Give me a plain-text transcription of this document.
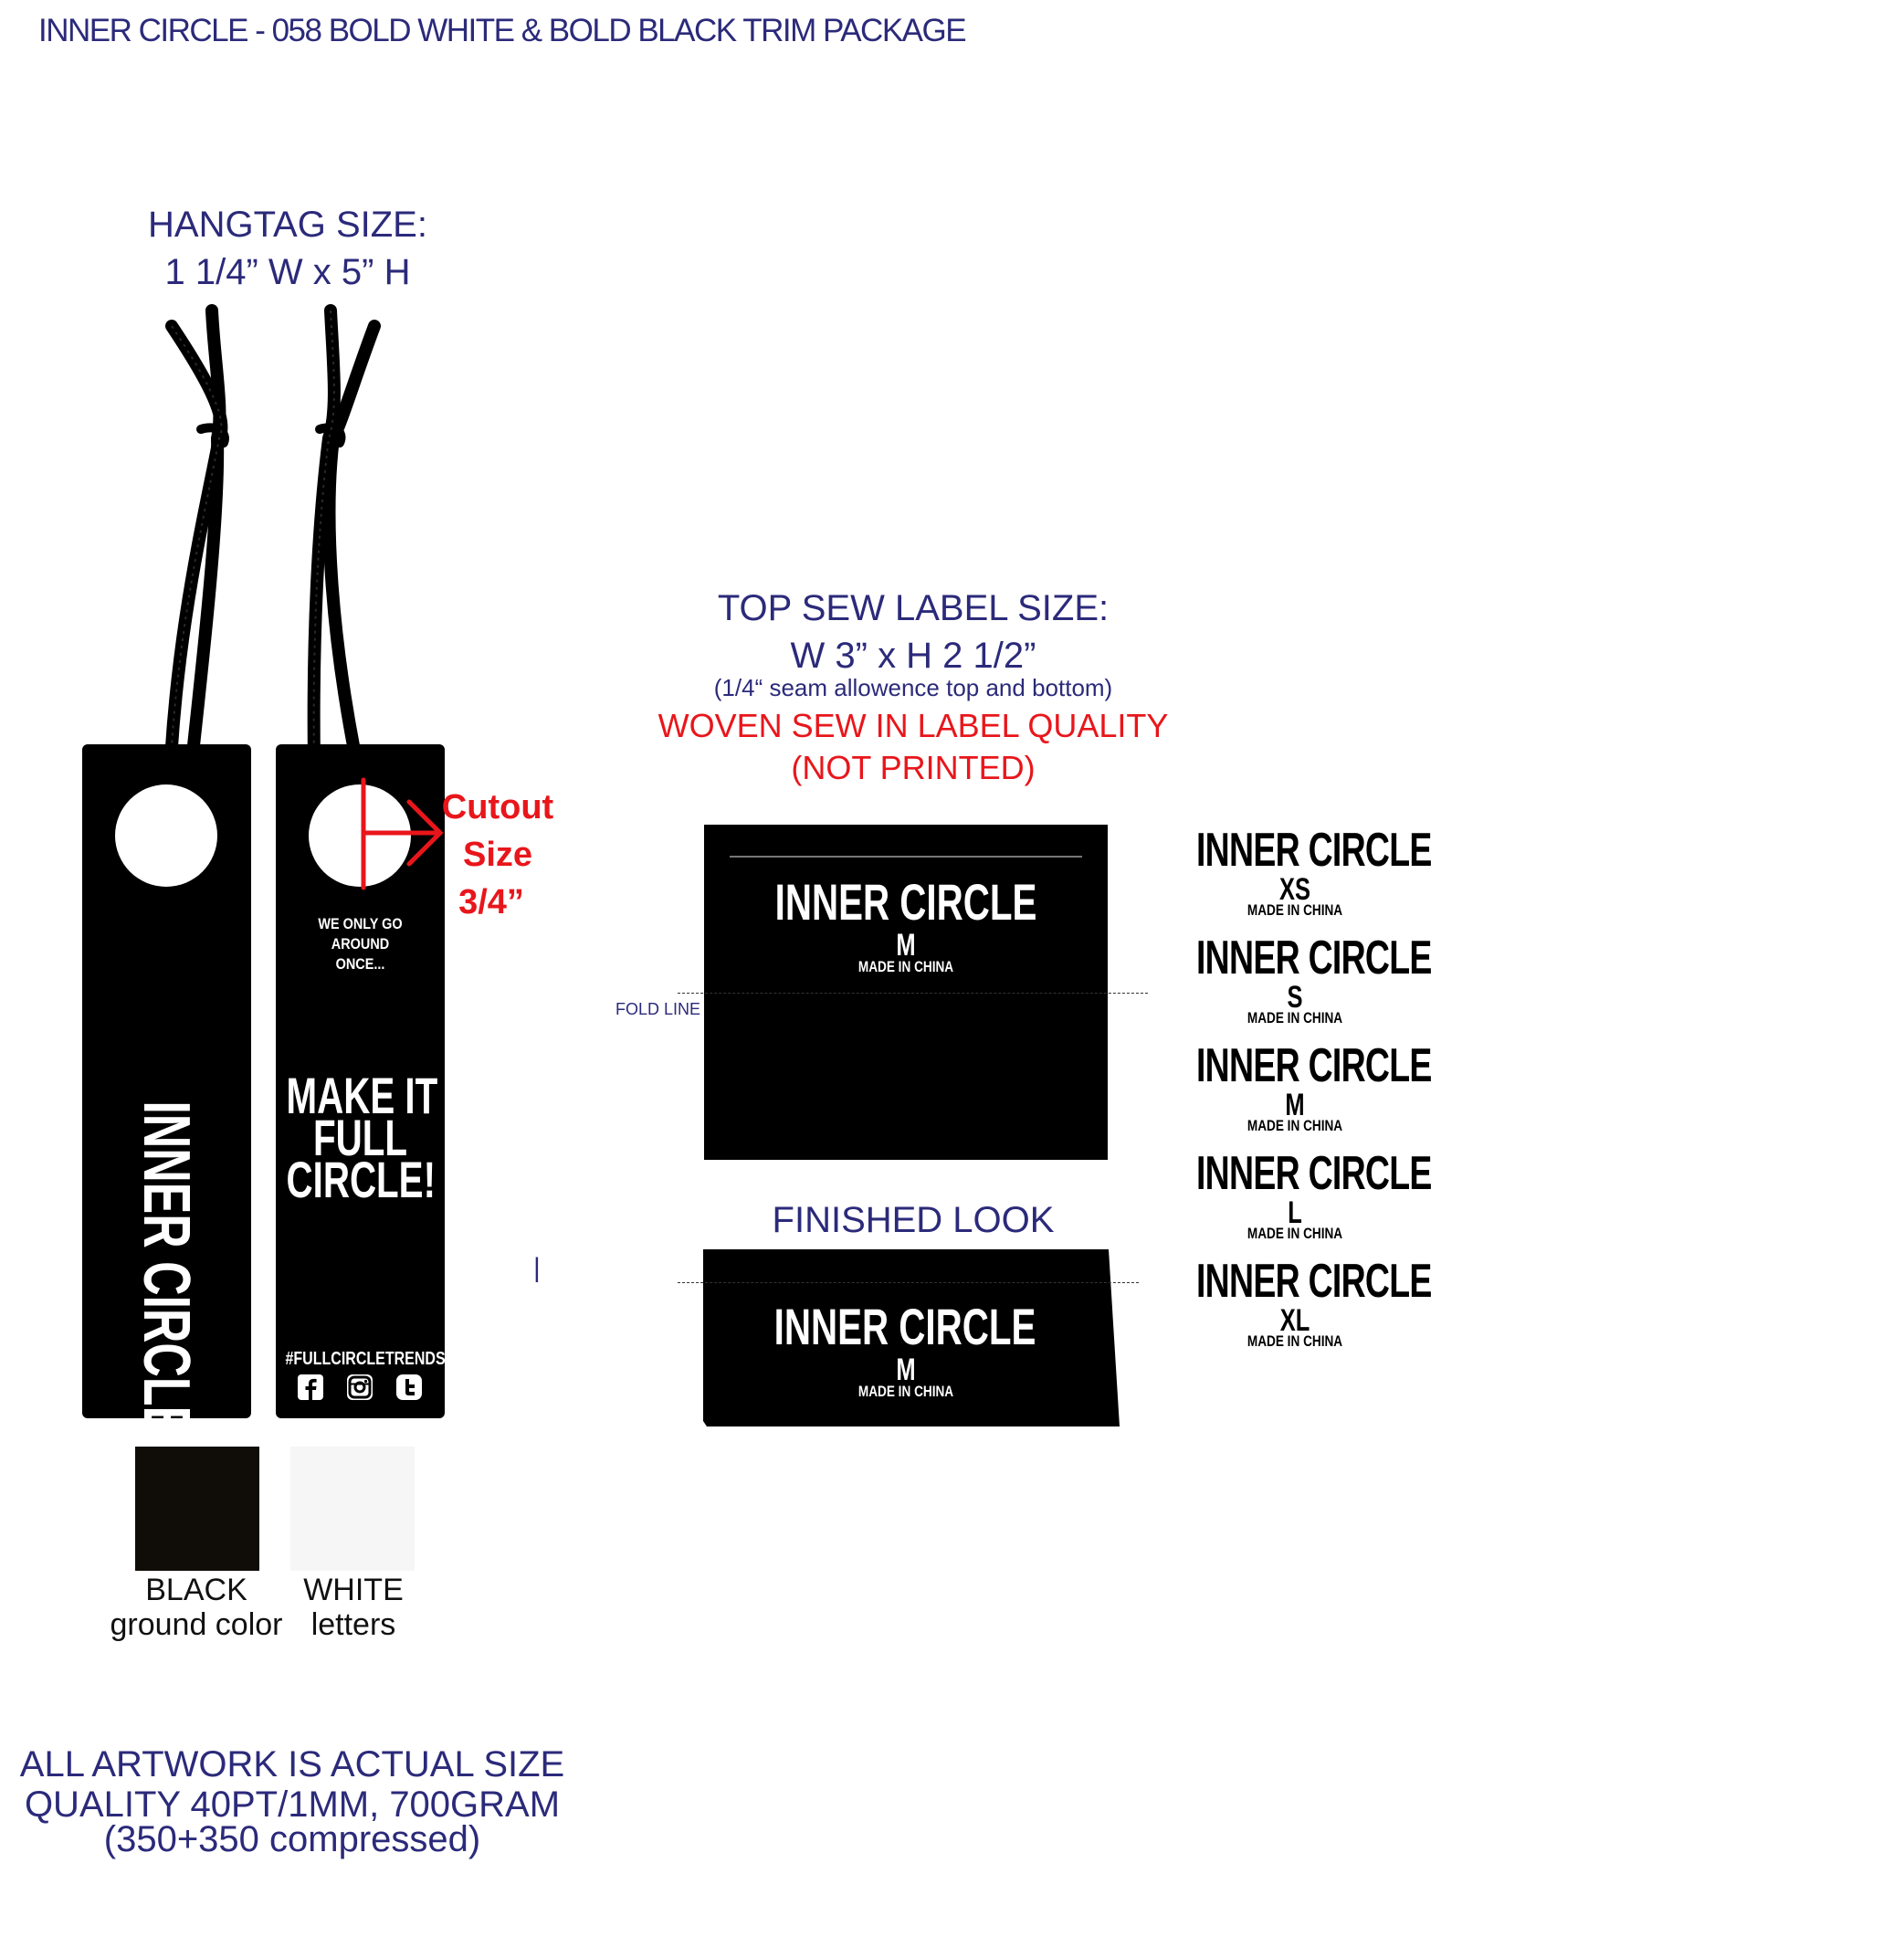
INNER CIRCLE - 058 BOLD WHITE & BOLD BLACK TRIM PACKAGE
HANGTAG SIZE:
1 1/4” W x 5” H
INNER CIRCLE
WE ONLY GO AROUND ONCE...
MAKE IT
FULL
CIRCLE!
#FULLCIRCLETRENDS
Cutout
Size
3/4”
BLACK
ground color
WHITE
letters
ALL ARTWORK IS ACTUAL SIZE
QUALITY 40PT/1MM, 700GRAM
(350+350 compressed)
TOP SEW LABEL SIZE:
W 3” x H 2 1/2”
(1/4“ seam allowence top and bottom)
WOVEN SEW IN LABEL QUALITY
(NOT PRINTED)
INNER CIRCLE
M
MADE IN CHINA
FOLD LINE
FINISHED LOOK
|
INNER CIRCLE
M
MADE IN CHINA
INNER CIRCLE
XS
MADE IN CHINA
INNER CIRCLE
S
MADE IN CHINA
INNER CIRCLE
M
MADE IN CHINA
INNER CIRCLE
L
MADE IN CHINA
INNER CIRCLE
XL
MADE IN CHINA
